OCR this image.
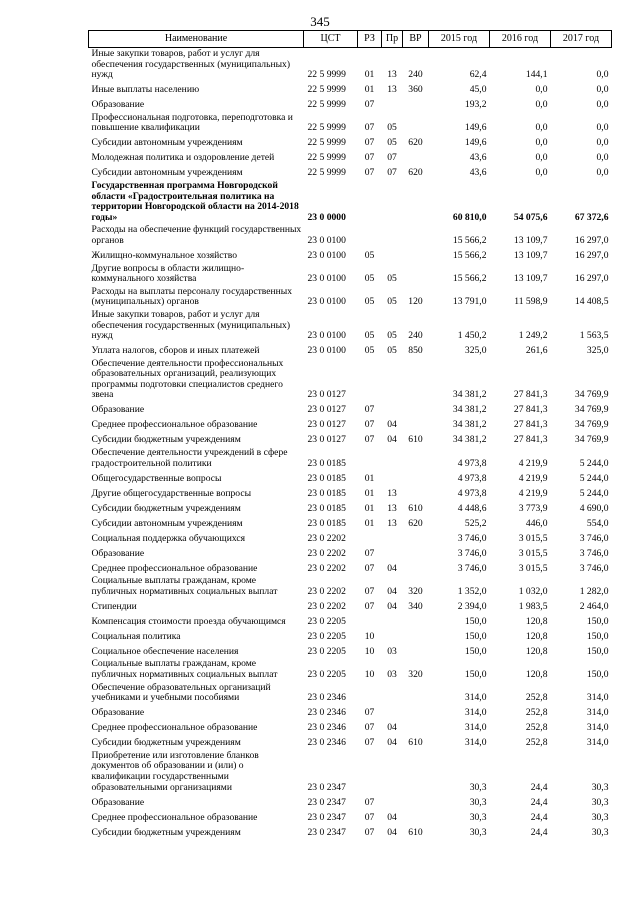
345
Наименование	ЦСТ	РЗ	Пр	ВР	2015 год	2016 год	2017 год
Иные закупки товаров, работ и услуг для обеспечения государственных (муниципальных) нужд	22 5 9999	01	13	240	62,4	144,1	0,0
Иные выплаты населению	22 5 9999	01	13	360	45,0	0,0	0,0
Образование	22 5 9999	07			193,2	0,0	0,0
Профессиональная подготовка, переподготовка и повышение квалификации	22 5 9999	07	05		149,6	0,0	0,0
Субсидии автономным учреждениям	22 5 9999	07	05	620	149,6	0,0	0,0
Молодежная политика и оздоровление детей	22 5 9999	07	07		43,6	0,0	0,0
Субсидии автономным учреждениям	22 5 9999	07	07	620	43,6	0,0	0,0
Государственная программа Новгородской области «Градостроительная политика на территории Новгородской области на 2014-2018 годы»	23 0 0000				60 810,0	54 075,6	67 372,6
Расходы на обеспечение функций государственных органов	23 0 0100				15 566,2	13 109,7	16 297,0
Жилищно-коммунальное хозяйство	23 0 0100	05			15 566,2	13 109,7	16 297,0
Другие вопросы в области жилищно-коммунального хозяйства	23 0 0100	05	05		15 566,2	13 109,7	16 297,0
Расходы на выплаты персоналу государственных (муниципальных) органов	23 0 0100	05	05	120	13 791,0	11 598,9	14 408,5
Иные закупки товаров, работ и услуг для обеспечения государственных (муниципальных) нужд	23 0 0100	05	05	240	1 450,2	1 249,2	1 563,5
Уплата налогов, сборов и иных платежей	23 0 0100	05	05	850	325,0	261,6	325,0
Обеспечение деятельности профессиональных образовательных организаций, реализующих программы подготовки специалистов среднего звена	23 0 0127				34 381,2	27 841,3	34 769,9
Образование	23 0 0127	07			34 381,2	27 841,3	34 769,9
Среднее профессиональное образование	23 0 0127	07	04		34 381,2	27 841,3	34 769,9
Субсидии бюджетным учреждениям	23 0 0127	07	04	610	34 381,2	27 841,3	34 769,9
Обеспечение деятельности учреждений в сфере градостроительной политики	23 0 0185				4 973,8	4 219,9	5 244,0
Общегосударственные вопросы	23 0 0185	01			4 973,8	4 219,9	5 244,0
Другие общегосударственные вопросы	23 0 0185	01	13		4 973,8	4 219,9	5 244,0
Субсидии бюджетным учреждениям	23 0 0185	01	13	610	4 448,6	3 773,9	4 690,0
Субсидии автономным учреждениям	23 0 0185	01	13	620	525,2	446,0	554,0
Социальная поддержка обучающихся	23 0 2202				3 746,0	3 015,5	3 746,0
Образование	23 0 2202	07			3 746,0	3 015,5	3 746,0
Среднее профессиональное образование	23 0 2202	07	04		3 746,0	3 015,5	3 746,0
Социальные выплаты гражданам, кроме публичных нормативных социальных выплат	23 0 2202	07	04	320	1 352,0	1 032,0	1 282,0
Стипендии	23 0 2202	07	04	340	2 394,0	1 983,5	2 464,0
Компенсация стоимости проезда обучающимся	23 0 2205				150,0	120,8	150,0
Социальная политика	23 0 2205	10			150,0	120,8	150,0
Социальное обеспечение населения	23 0 2205	10	03		150,0	120,8	150,0
Социальные выплаты гражданам, кроме публичных нормативных социальных выплат	23 0 2205	10	03	320	150,0	120,8	150,0
Обеспечение образовательных организаций учебниками и учебными пособиями	23 0 2346				314,0	252,8	314,0
Образование	23 0 2346	07			314,0	252,8	314,0
Среднее профессиональное образование	23 0 2346	07	04		314,0	252,8	314,0
Субсидии бюджетным учреждениям	23 0 2346	07	04	610	314,0	252,8	314,0
Приобретение или изготовление бланков документов об образовании и (или) о квалификации государственными образовательными организациями	23 0 2347				30,3	24,4	30,3
Образование	23 0 2347	07			30,3	24,4	30,3
Среднее профессиональное образование	23 0 2347	07	04		30,3	24,4	30,3
Субсидии бюджетным учреждениям	23 0 2347	07	04	610	30,3	24,4	30,3
